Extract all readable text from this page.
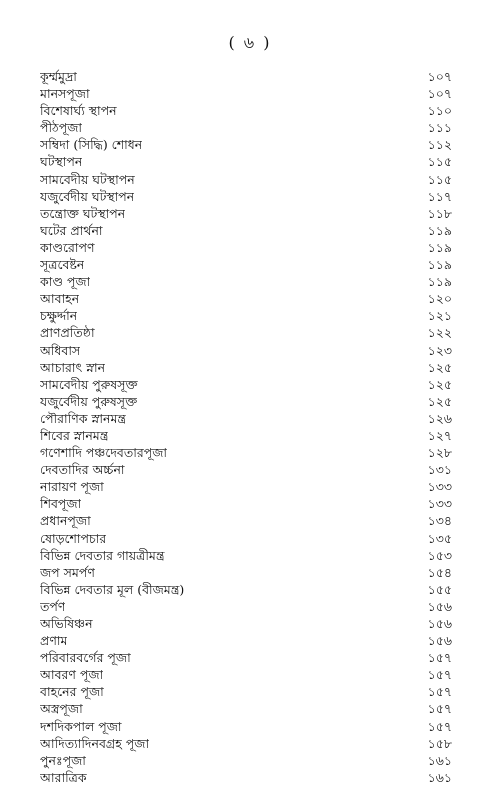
( ৬ )
কূর্ম্মমুদ্রা	১০৭
মানসপূজা	১০৭
বিশেষার্ঘ্য স্থাপন	১১০
পীঠপূজা	১১১
সম্বিদা (সিদ্ধি) শোধন	১১২
ঘটস্থাপন	১১৫
সামবেদীয় ঘটস্থাপন	১১৫
যজুর্বেদীয় ঘটস্থাপন	১১৭
তন্ত্রোক্ত ঘটস্থাপন	১১৮
ঘটের প্রার্থনা	১১৯
কাণ্ডরোপণ	১১৯
সূত্রবেষ্টন	১১৯
কাণ্ড পূজা	১১৯
আবাহন	১২০
চক্ষুর্দ্দান	১২১
প্রাণপ্রতিষ্ঠা	১২২
অধিবাস	১২৩
আচারাৎ স্নান	১২৫
সামবেদীয় পুরুষসূক্ত	১২৫
যজুর্বেদীয় পুরুষসূক্ত	১২৫
পৌরাণিক স্নানমন্ত্র	১২৬
শিবের স্নানমন্ত্র	১২৭
গণেশাদি পঞ্চদেবতারপূজা	১২৮
দেবতাদির অর্চ্চনা	১৩১
নারায়ণ পূজা	১৩৩
শিবপূজা	১৩৩
প্রধানপূজা	১৩৪
ষোড়শোপচার	১৩৫
বিভিন্ন দেবতার গায়ত্রীমন্ত্র	১৫৩
জপ সমর্পণ	১৫৪
বিভিন্ন দেবতার মূল (বীজমন্ত্র)	১৫৫
তর্পণ	১৫৬
অভিষিঞ্চন	১৫৬
প্রণাম	১৫৬
পরিবারবর্গের পূজা	১৫৭
আবরণ পূজা	১৫৭
বাহনের পূজা	১৫৭
অস্ত্রপূজা	১৫৭
দশদিকপাল পূজা	১৫৭
আদিত্যাদিনবগ্রহ পূজা	১৫৮
পুনঃপূজা	১৬১
আরাত্রিক	১৬১
